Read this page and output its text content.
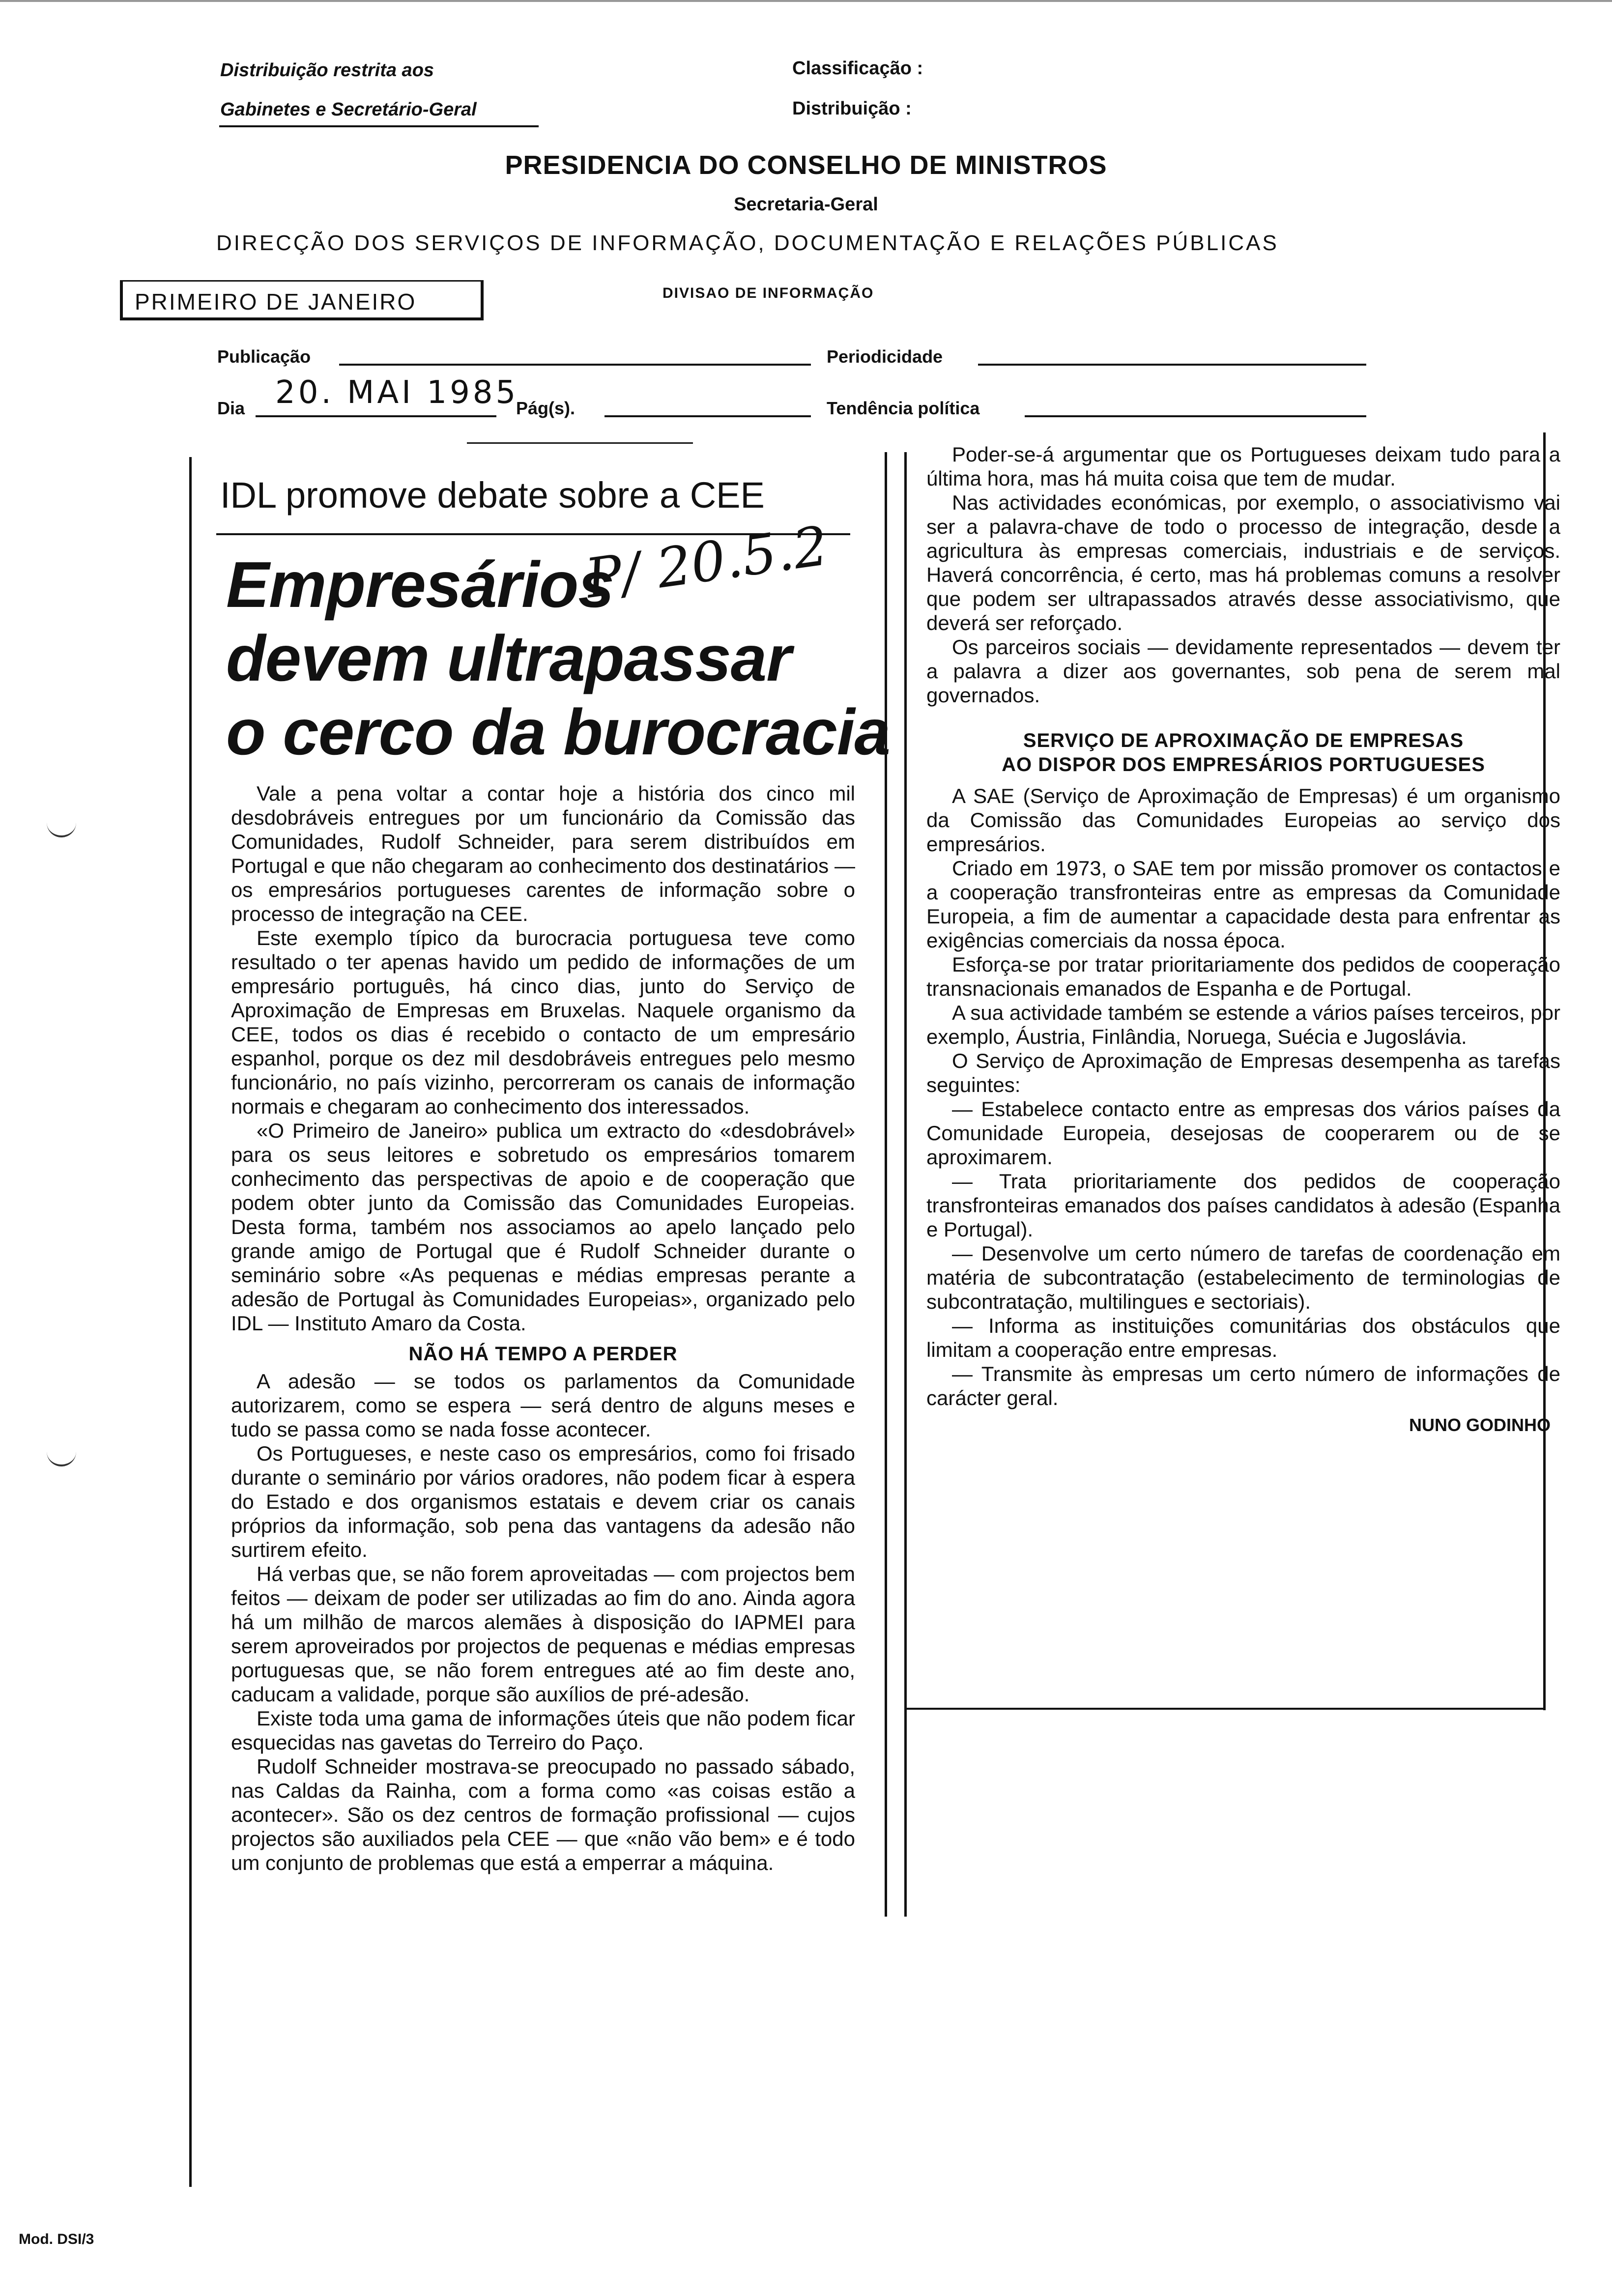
Distribuição restrita aos
Gabinetes e Secretário-Geral
Classificação :
Distribuição :
PRESIDENCIA DO CONSELHO DE MINISTROS
Secretaria-Geral
DIRECÇÃO DOS SERVIÇOS DE INFORMAÇÃO, DOCUMENTAÇÃO E RELAÇÕES PÚBLICAS
PRIMEIRO DE JANEIRO	DIVISAO DE INFORMAÇÃO
Publicação	Periodicidade
Dia 20. MAI 1985
Pág(s).	Tendência política
IDL promove debate sobre a CEE
Empresários
devem ultrapassar
o cerco da burocracia
P/ 20.5.2

Vale a pena voltar a contar hoje a história dos cinco mil desdobráveis entregues por um funcionário da Comissão das Comunidades, Rudolf Schneider, para serem distribuídos em Portugal e que não chegaram ao conhecimento dos destinatários — os empresários portugueses carentes de informação sobre o processo de integração na CEE.

Este exemplo típico da burocracia portuguesa teve como resultado o ter apenas havido um pedido de informações de um empresário português, há cinco dias, junto do Serviço de Aproximação de Empresas em Bruxelas. Naquele organismo da CEE, todos os dias é recebido o contacto de um empresário espanhol, porque os dez mil desdobráveis entregues pelo mesmo funcionário, no país vizinho, percorreram os canais de informação normais e chegaram ao conhecimento dos interessados.

«O Primeiro de Janeiro» publica um extracto do «desdobrável» para os seus leitores e sobretudo os empresários tomarem conhecimento das perspectivas de apoio e de cooperação que podem obter junto da Comissão das Comunidades Europeias. Desta forma, também nos associamos ao apelo lançado pelo grande amigo de Portugal que é Rudolf Schneider durante o seminário sobre «As pequenas e médias empresas perante a adesão de Portugal às Comunidades Europeias», organizado pelo IDL — Instituto Amaro da Costa.

NÃO HÁ TEMPO A PERDER

A adesão — se todos os parlamentos da Comunidade autorizarem, como se espera — será dentro de alguns meses e tudo se passa como se nada fosse acontecer.

Os Portugueses, e neste caso os empresários, como foi frisado durante o seminário por vários oradores, não podem ficar à espera do Estado e dos organismos estatais e devem criar os canais próprios da informação, sob pena das vantagens da adesão não surtirem efeito.

Há verbas que, se não forem aproveitadas — com projectos bem feitos — deixam de poder ser utilizadas ao fim do ano. Ainda agora há um milhão de marcos alemães à disposição do IAPMEI para serem aproveirados por projectos de pequenas e médias empresas portuguesas que, se não forem entregues até ao fim deste ano, caducam a validade, porque são auxílios de pré-adesão.

Existe toda uma gama de informações úteis que não podem ficar esquecidas nas gavetas do Terreiro do Paço.

Rudolf Schneider mostrava-se preocupado no passado sábado, nas Caldas da Rainha, com a forma como «as coisas estão a acontecer». São os dez centros de formação profissional — cujos projectos são auxiliados pela CEE — que «não vão bem» e é todo um conjunto de problemas que está a emperrar a máquina.

Poder-se-á argumentar que os Portugueses deixam tudo para a última hora, mas há muita coisa que tem de mudar.

Nas actividades económicas, por exemplo, o associativismo vai ser a palavra-chave de todo o processo de integração, desde a agricultura às empresas comerciais, industriais e de serviços. Haverá concorrência, é certo, mas há problemas comuns a resolver que podem ser ultrapassados através desse associativismo, que deverá ser reforçado.

Os parceiros sociais — devidamente representados — devem ter a palavra a dizer aos governantes, sob pena de serem mal governados.

SERVIÇO DE APROXIMAÇÃO DE EMPRESAS
AO DISPOR DOS EMPRESÁRIOS PORTUGUESES

A SAE (Serviço de Aproximação de Empresas) é um organismo da Comissão das Comunidades Europeias ao serviço dos empresários.

Criado em 1973, o SAE tem por missão promover os contactos e a cooperação transfronteiras entre as empresas da Comunidade Europeia, a fim de aumentar a capacidade desta para enfrentar as exigências comerciais da nossa época.

Esforça-se por tratar prioritariamente dos pedidos de cooperação transnacionais emanados de Espanha e de Portugal.

A sua actividade também se estende a vários países terceiros, por exemplo, Áustria, Finlândia, Noruega, Suécia e Jugoslávia.

O Serviço de Aproximação de Empresas desempenha as tarefas seguintes:

— Estabelece contacto entre as empresas dos vários países da Comunidade Europeia, desejosas de cooperarem ou de se aproximarem.

— Trata prioritariamente dos pedidos de cooperação transfronteiras emanados dos países candidatos à adesão (Espanha e Portugal).

— Desenvolve um certo número de tarefas de coordenação em matéria de subcontratação (estabelecimento de terminologias de subcontratação, multilingues e sectoriais).

— Informa as instituições comunitárias dos obstáculos que limitam a cooperação entre empresas.

— Transmite às empresas um certo número de informações de carácter geral.

NUNO GODINHO
Mod. DSI/3
